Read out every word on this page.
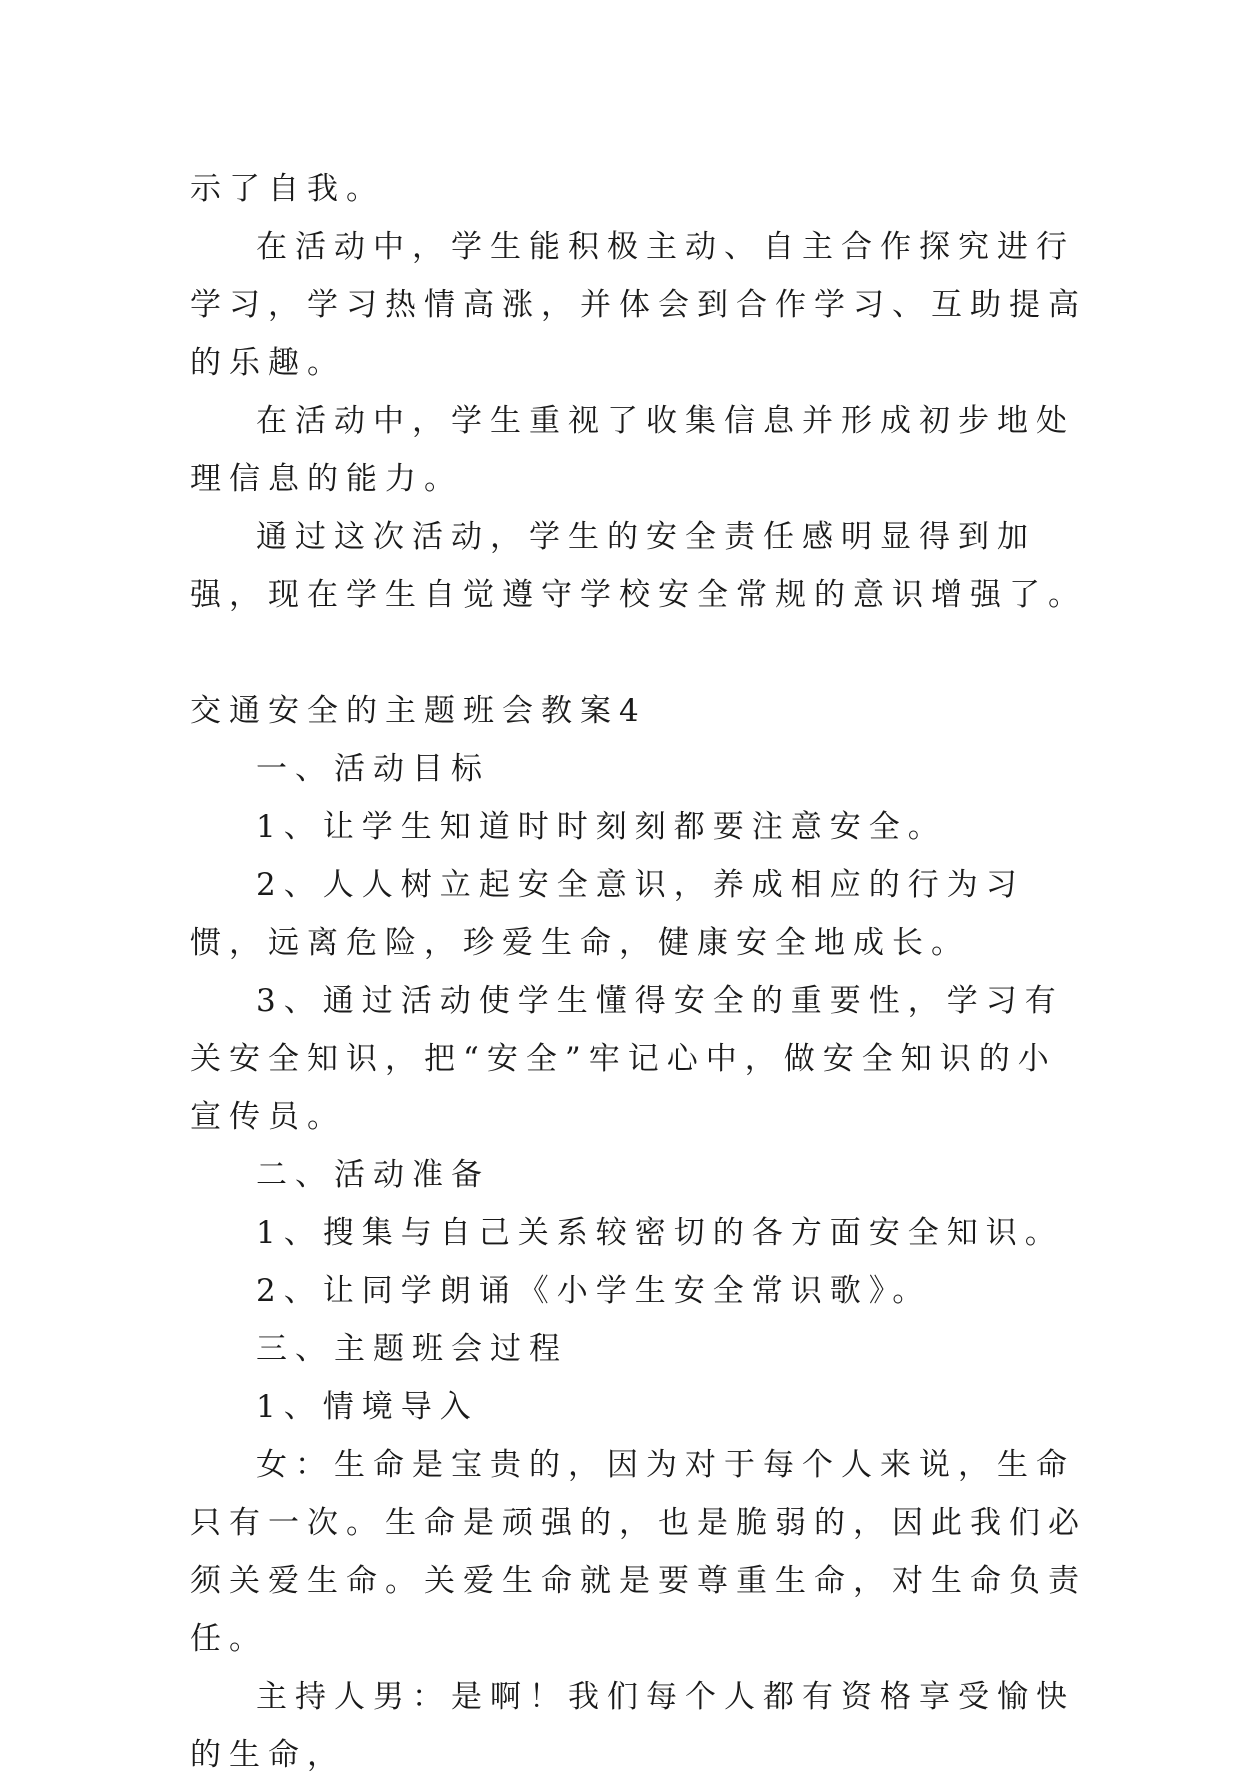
示了自我。

在活动中，学生能积极主动、自主合作探究进行学习，学习热情高涨，并体会到合作学习、互助提高的乐趣。

在活动中，学生重视了收集信息并形成初步地处理信息的能力。

通过这次活动，学生的安全责任感明显得到加强，现在学生自觉遵守学校安全常规的意识增强了。

交通安全的主题班会教案4

一、活动目标

1、让学生知道时时刻刻都要注意安全。

2、人人树立起安全意识，养成相应的行为习惯，远离危险，珍爱生命，健康安全地成长。

3、通过活动使学生懂得安全的重要性，学习有关安全知识，把“安全”牢记心中，做安全知识的小宣传员。

二、活动准备

1、搜集与自己关系较密切的各方面安全知识。

2、让同学朗诵《小学生安全常识歌》。

三、主题班会过程

1、情境导入

女：生命是宝贵的，因为对于每个人来说，生命只有一次。生命是顽强的，也是脆弱的，因此我们必须关爱生命。关爱生命就是要尊重生命，对生命负责任。

主持人男：是啊！我们每个人都有资格享受愉快的生命，
